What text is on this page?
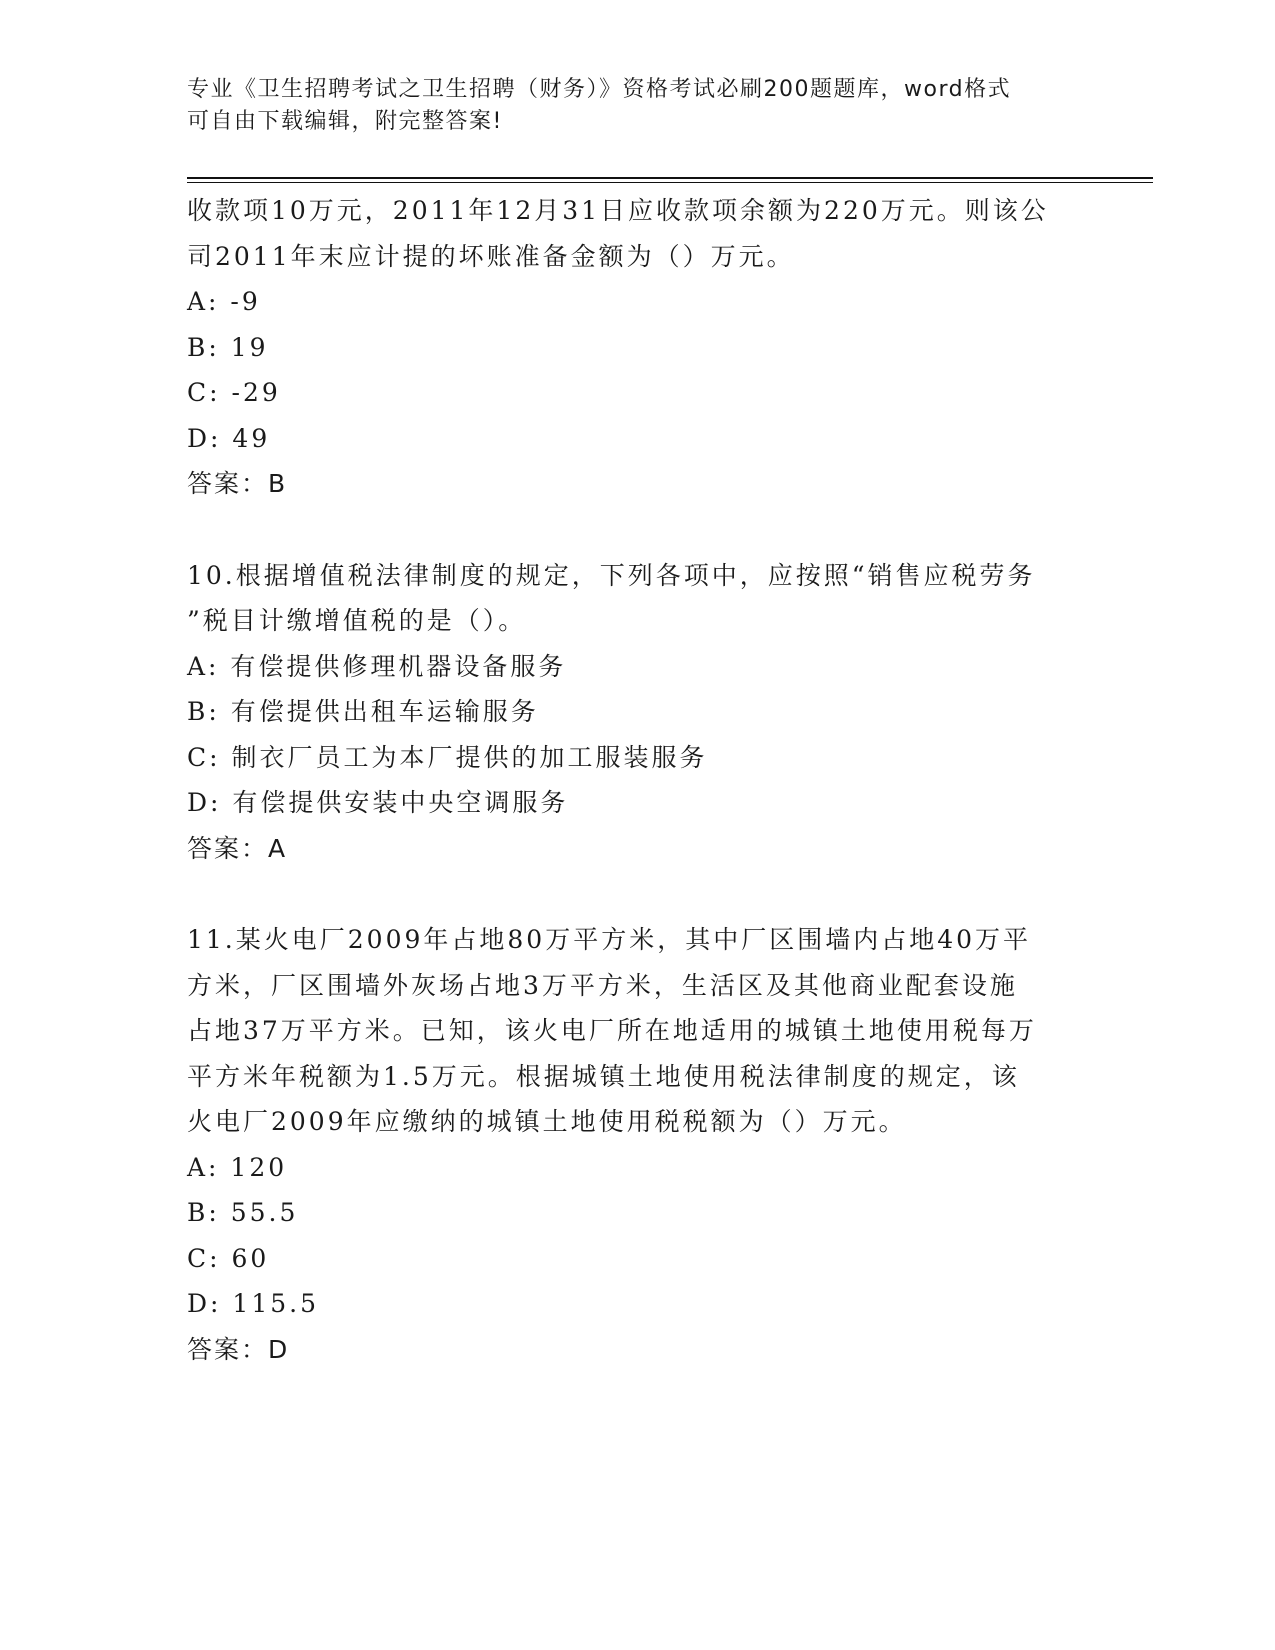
专业《卫生招聘考试之卫生招聘（财务）》资格考试必刷200题题库，word格式
可自由下载编辑，附完整答案!
收款项10万元，2011年12月31日应收款项余额为220万元。则该公
司2011年末应计提的坏账准备金额为（）万元。
A: -9
B: 19
C: -29
D: 49
答案：B
10.根据增值税法律制度的规定，下列各项中，应按照“销售应税劳务
”税目计缴增值税的是（）。
A: 有偿提供修理机器设备服务
B: 有偿提供出租车运输服务
C: 制衣厂员工为本厂提供的加工服装服务
D: 有偿提供安装中央空调服务
答案：A
11.某火电厂2009年占地80万平方米，其中厂区围墙内占地40万平
方米，厂区围墙外灰场占地3万平方米，生活区及其他商业配套设施
占地37万平方米。已知，该火电厂所在地适用的城镇土地使用税每万
平方米年税额为1.5万元。根据城镇土地使用税法律制度的规定，该
火电厂2009年应缴纳的城镇土地使用税税额为（）万元。
A: 120
B: 55.5
C: 60
D: 115.5
答案：D
